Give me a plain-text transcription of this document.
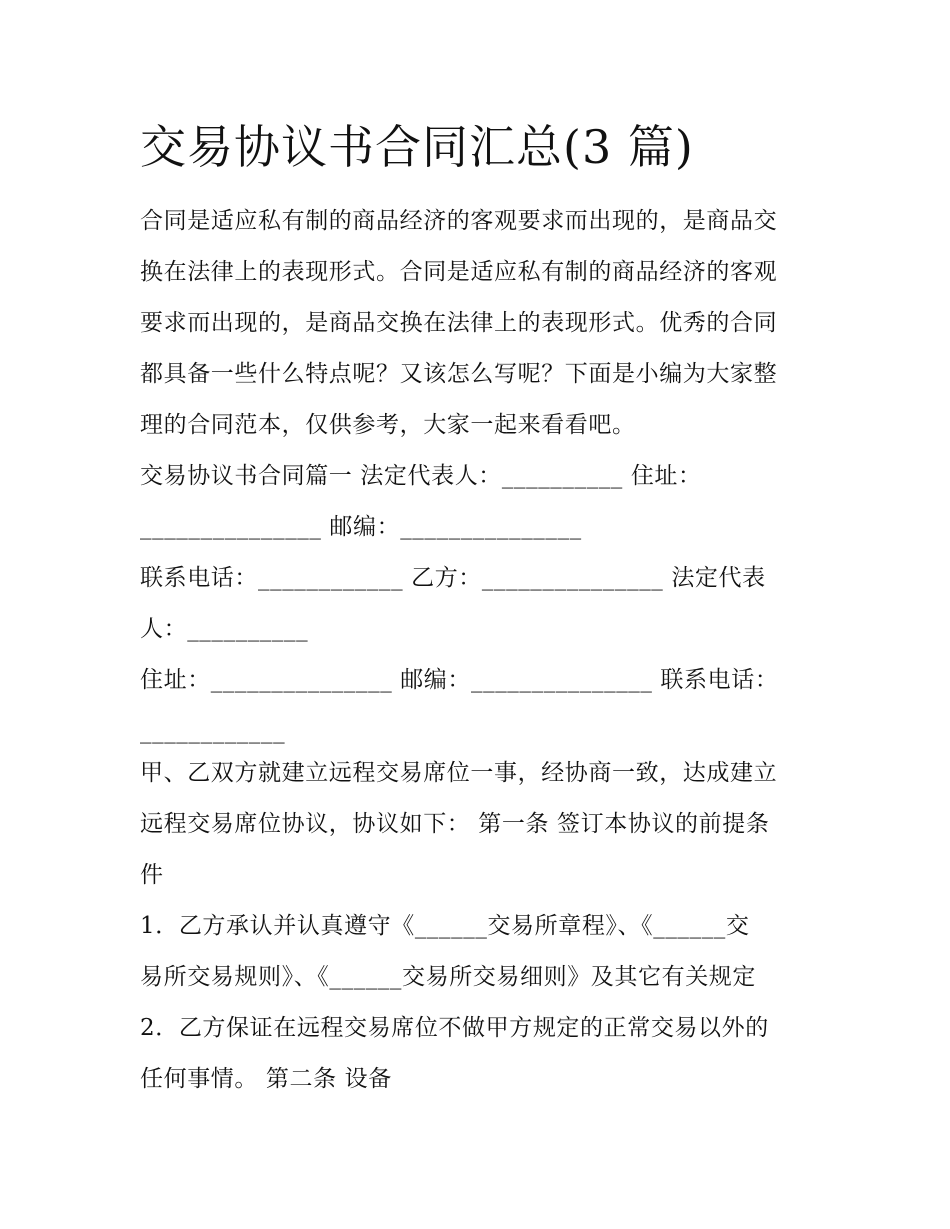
交易协议书合同汇总(3 篇)
合同是适应私有制的商品经济的客观要求而出现的，是商品交
换在法律上的表现形式。合同是适应私有制的商品经济的客观
要求而出现的，是商品交换在法律上的表现形式。优秀的合同
都具备一些什么特点呢？又该怎么写呢？下面是小编为大家整
理的合同范本，仅供参考，大家一起来看看吧。
交易协议书合同篇一 法定代表人：__________ 住址：
_______________ 邮编：_______________
联系电话：____________ 乙方：_______________ 法定代表
人：__________
住址：_______________ 邮编：_______________ 联系电话：
____________
甲、乙双方就建立远程交易席位一事，经协商一致，达成建立
远程交易席位协议，协议如下： 第一条 签订本协议的前提条
件
1．乙方承认并认真遵守《______交易所章程》、《______交
易所交易规则》、《______交易所交易细则》及其它有关规定
2．乙方保证在远程交易席位不做甲方规定的正常交易以外的
任何事情。 第二条 设备
